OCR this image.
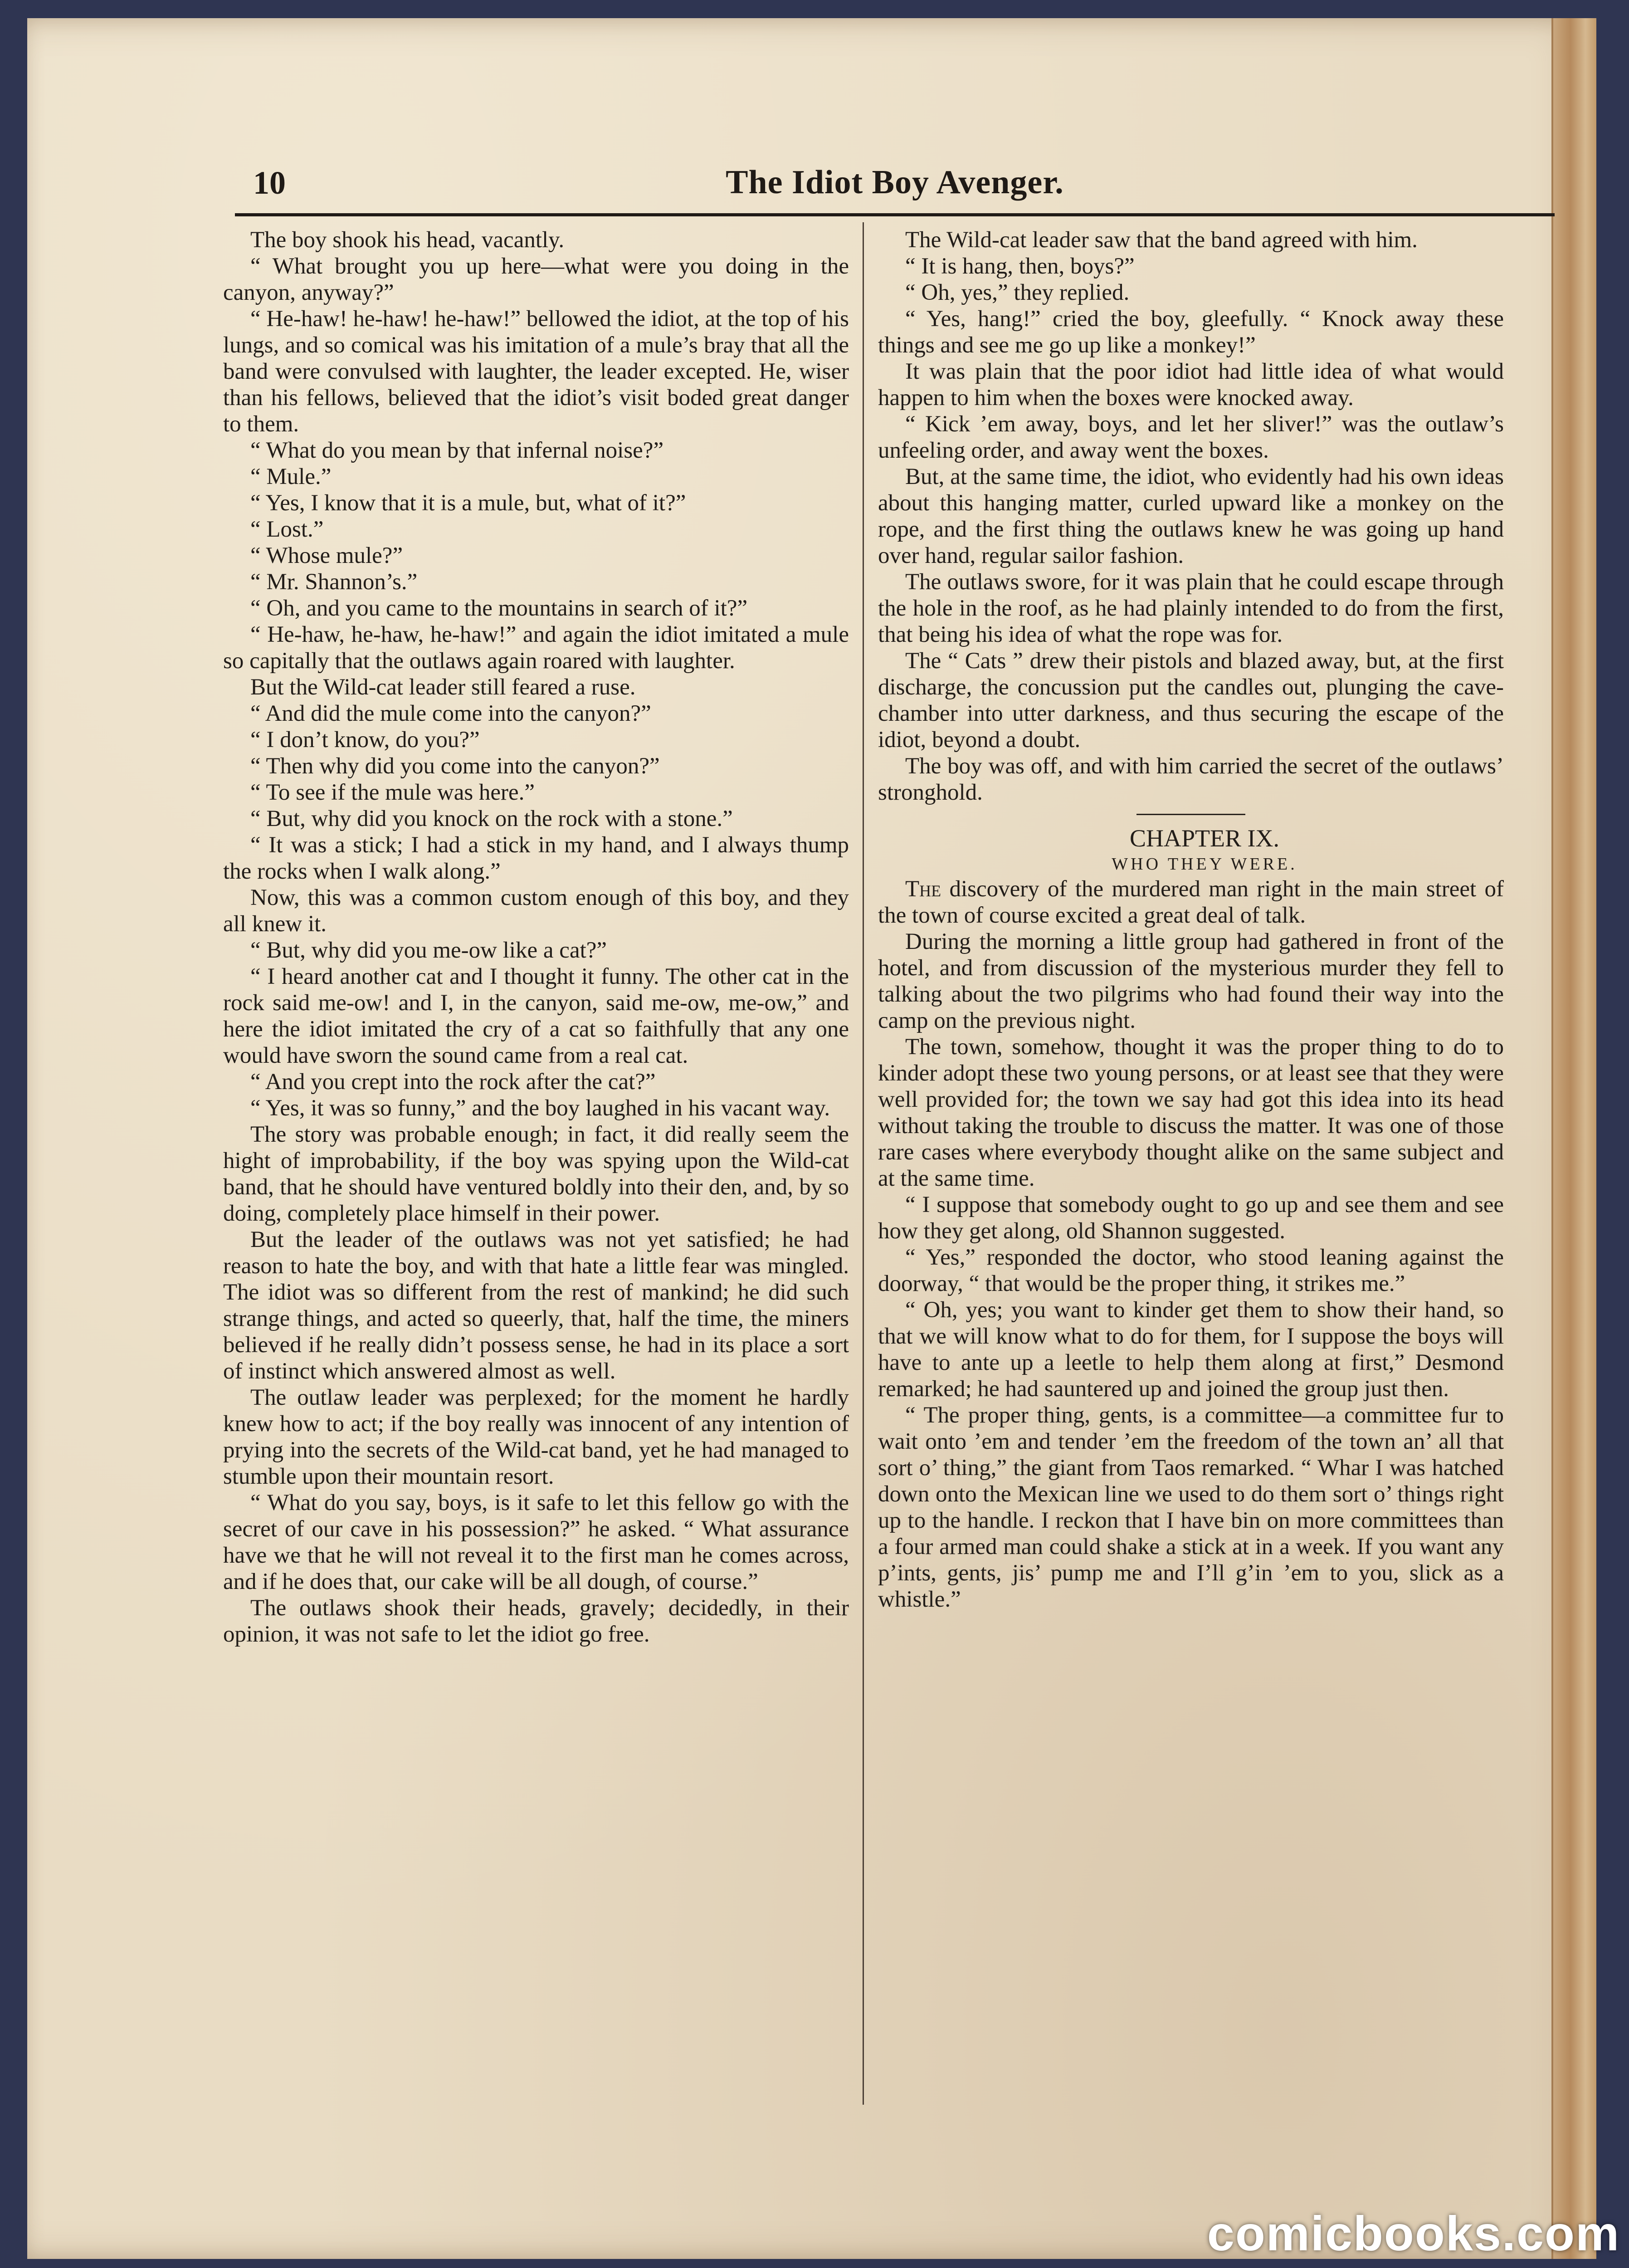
10	The Idiot Boy Avenger.

The boy shook his head, vacantly.

“ What brought you up here—what were you doing in the canyon, anyway?”

“ He-haw! he-haw! he-haw!” bellowed the idiot, at the top of his lungs, and so comical was his imitation of a mule’s bray that all the band were convulsed with laughter, the leader excepted. He, wiser than his fellows, believed that the idiot’s visit boded great danger to them.

“ What do you mean by that infernal noise?”

“ Mule.”

“ Yes, I know that it is a mule, but, what of it?”

“ Lost.”

“ Whose mule?”

“ Mr. Shannon’s.”

“ Oh, and you came to the mountains in search of it?”

“ He-haw, he-haw, he-haw!” and again the idiot imitated a mule so capitally that the outlaws again roared with laughter.

But the Wild-cat leader still feared a ruse.

“ And did the mule come into the canyon?”

“ I don’t know, do you?”

“ Then why did you come into the canyon?”

“ To see if the mule was here.”

“ But, why did you knock on the rock with a stone.”

“ It was a stick; I had a stick in my hand, and I always thump the rocks when I walk along.”

Now, this was a common custom enough of this boy, and they all knew it.

“ But, why did you me-ow like a cat?”

“ I heard another cat and I thought it funny. The other cat in the rock said me-ow! and I, in the canyon, said me-ow, me-ow,” and here the idiot imitated the cry of a cat so faithfully that any one would have sworn the sound came from a real cat.

“ And you crept into the rock after the cat?”

“ Yes, it was so funny,” and the boy laughed in his vacant way.

The story was probable enough; in fact, it did really seem the hight of improbability, if the boy was spying upon the Wild-cat band, that he should have ventured boldly into their den, and, by so doing, completely place himself in their power.

But the leader of the outlaws was not yet satisfied; he had reason to hate the boy, and with that hate a little fear was mingled. The idiot was so different from the rest of mankind; he did such strange things, and acted so queerly, that, half the time, the miners believed if he really didn’t possess sense, he had in its place a sort of instinct which answered almost as well.

The outlaw leader was perplexed; for the moment he hardly knew how to act; if the boy really was innocent of any intention of prying into the secrets of the Wild-cat band, yet he had managed to stumble upon their mountain resort.

“ What do you say, boys, is it safe to let this fellow go with the secret of our cave in his possession?” he asked. “ What assurance have we that he will not reveal it to the first man he comes across, and if he does that, our cake will be all dough, of course.”

The outlaws shook their heads, gravely; decidedly, in their opinion, it was not safe to let the idiot go free.

The Wild-cat leader saw that the band agreed with him.

“ It is hang, then, boys?”

“ Oh, yes,” they replied.

“ Yes, hang!” cried the boy, gleefully. “ Knock away these things and see me go up like a monkey!”

It was plain that the poor idiot had little idea of what would happen to him when the boxes were knocked away.

“ Kick ’em away, boys, and let her sliver!” was the outlaw’s unfeeling order, and away went the boxes.

But, at the same time, the idiot, who evidently had his own ideas about this hanging matter, curled upward like a monkey on the rope, and the first thing the outlaws knew he was going up hand over hand, regular sailor fashion.

The outlaws swore, for it was plain that he could escape through the hole in the roof, as he had plainly intended to do from the first, that being his idea of what the rope was for.

The “ Cats ” drew their pistols and blazed away, but, at the first discharge, the concussion put the candles out, plunging the cave-chamber into utter darkness, and thus securing the escape of the idiot, beyond a doubt.

The boy was off, and with him carried the secret of the outlaws’ stronghold.

CHAPTER IX.

WHO THEY WERE.

The discovery of the murdered man right in the main street of the town of course excited a great deal of talk.

During the morning a little group had gathered in front of the hotel, and from discussion of the mysterious murder they fell to talking about the two pilgrims who had found their way into the camp on the previous night.

The town, somehow, thought it was the proper thing to do to kinder adopt these two young persons, or at least see that they were well provided for; the town we say had got this idea into its head without taking the trouble to discuss the matter. It was one of those rare cases where everybody thought alike on the same subject and at the same time.

“ I suppose that somebody ought to go up and see them and see how they get along, old Shannon suggested.

“ Yes,” responded the doctor, who stood leaning against the doorway, “ that would be the proper thing, it strikes me.”

“ Oh, yes; you want to kinder get them to show their hand, so that we will know what to do for them, for I suppose the boys will have to ante up a leetle to help them along at first,” Desmond remarked; he had sauntered up and joined the group just then.

“ The proper thing, gents, is a committee—a committee fur to wait onto ’em and tender ’em the freedom of the town an’ all that sort o’ thing,” the giant from Taos remarked. “ Whar I was hatched down onto the Mexican line we used to do them sort o’ things right up to the handle. I reckon that I have bin on more committees than a four armed man could shake a stick at in a week. If you want any p’ints, gents, jis’ pump me and I’ll g’in ’em to you, slick as a whistle.”

comicbooks.com
